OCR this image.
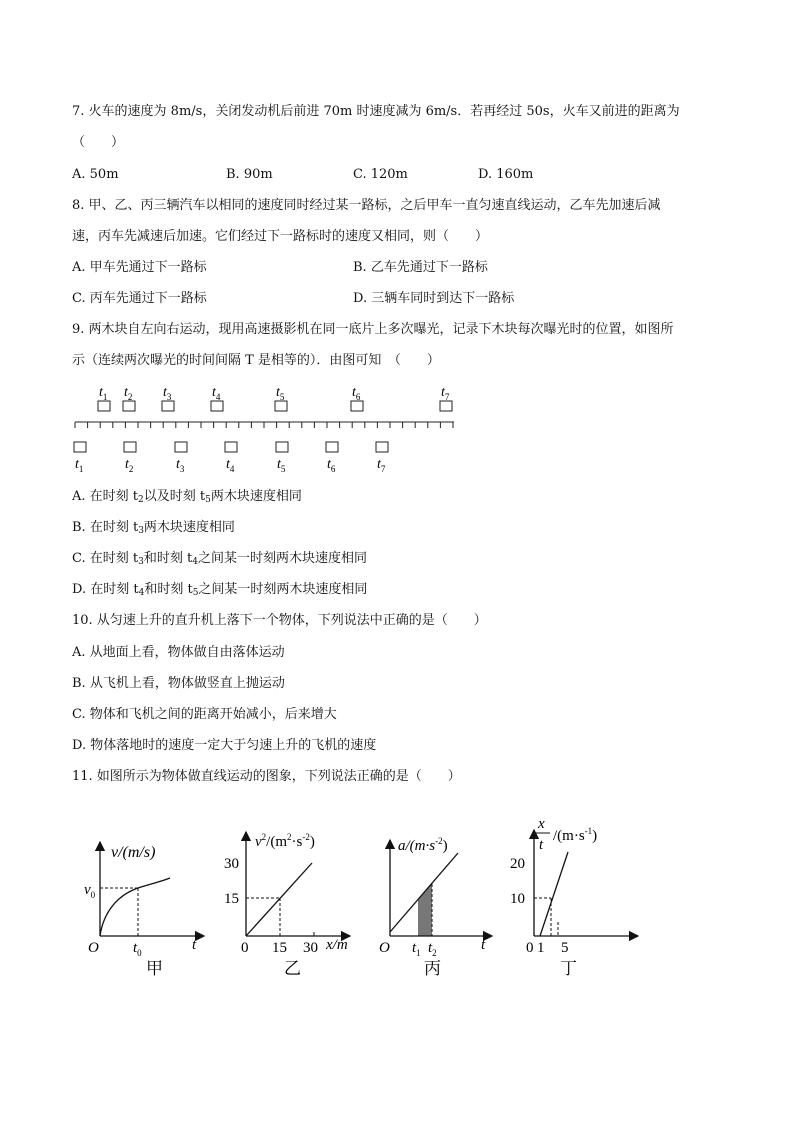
7. 火车的速度为 8m/s，关闭发动机后前进 70m 时速度减为 6m/s．若再经过 50s，火车又前进的距离为
（　　）
A. 50m	B. 90m	C. 120m	D. 160m
8. 甲、乙、丙三辆汽车以相同的速度同时经过某一路标，之后甲车一直匀速直线运动，乙车先加速后减
速，丙车先减速后加速。它们经过下一路标时的速度又相同，则（　　）
A. 甲车先通过下一路标	B. 乙车先通过下一路标
C. 丙车先通过下一路标	D. 三辆车同时到达下一路标
9. 两木块自左向右运动，现用高速摄影机在同一底片上多次曝光，记录下木块每次曝光时的位置，如图所
示（连续两次曝光的时间间隔 T 是相等的）．由图可知　（　　）
$t_1$ $t_2$ $t_3$	$t_4$	$t_5$	$t_6$	$t_7$
$t_1$	$t_2$	$t_3$	$t_4$	$t_5$	$t_6$	$t_7$
A. 在时刻 $t_2$以及时刻 $t_5$两木块速度相同
B. 在时刻 $t_3$两木块速度相同
C. 在时刻 $t_3$和时刻 $t_4$之间某一时刻两木块速度相同
D. 在时刻 $t_4$和时刻 $t_5$之间某一时刻两木块速度相同
10. 从匀速上升的直升机上落下一个物体，下列说法中正确的是（　　）
A. 从地面上看，物体做自由落体运动
B. 从飞机上看，物体做竖直上抛运动
C. 物体和飞机之间的距离开始减小，后来增大
D. 物体落地时的速度一定大于匀速上升的飞机的速度
11. 如图所示为物体做直线运动的图象，下列说法正确的是（　　）
v/(m/s)
$v_0$
O $t_0$	t
甲
$v^2/(m^2\cdot s^{-2})$
30
15
0 15 30 x/m
乙
$a/(m\cdot s^{-2})$
O $t_1$ $t_2$	t
丙
x
t
$/(m\cdot s^{-1})$
20
10
0 1 5
丁
